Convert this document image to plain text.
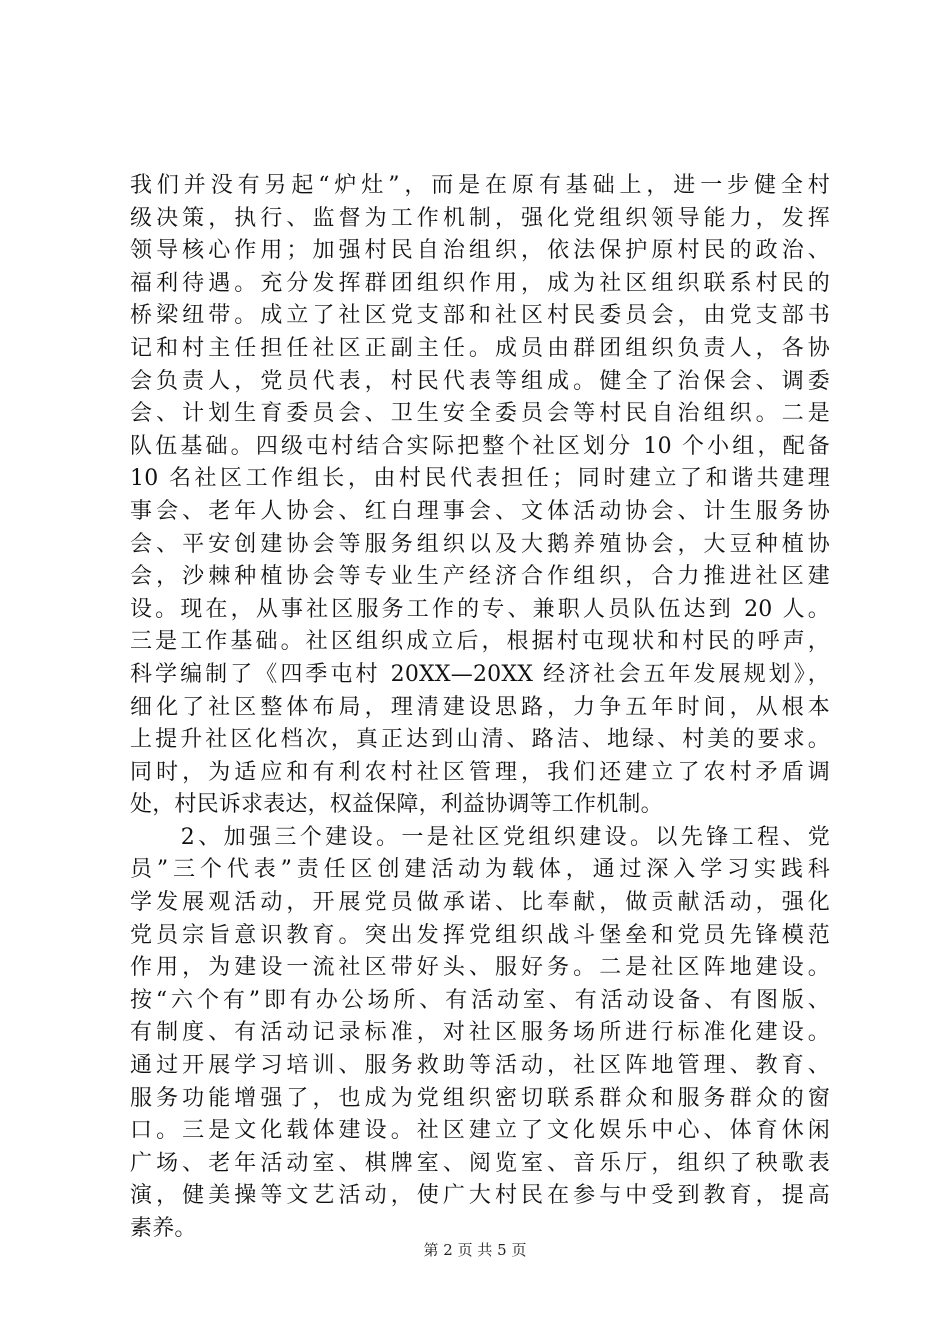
我们并没有另起“炉灶”，而是在原有基础上，进一步健全村
级决策，执行、监督为工作机制，强化党组织领导能力，发挥
领导核心作用；加强村民自治组织，依法保护原村民的政治、
福利待遇。充分发挥群团组织作用，成为社区组织联系村民的
桥梁纽带。成立了社区党支部和社区村民委员会，由党支部书
记和村主任担任社区正副主任。成员由群团组织负责人，各协
会负责人，党员代表，村民代表等组成。健全了治保会、调委
会、计划生育委员会、卫生安全委员会等村民自治组织。二是
队伍基础。四级屯村结合实际把整个社区划分 10 个小组，配备
10 名社区工作组长，由村民代表担任；同时建立了和谐共建理
事会、老年人协会、红白理事会、文体活动协会、计生服务协
会、平安创建协会等服务组织以及大鹅养殖协会，大豆种植协
会，沙棘种植协会等专业生产经济合作组织，合力推进社区建
设。现在，从事社区服务工作的专、兼职人员队伍达到 20 人。
三是工作基础。社区组织成立后，根据村屯现状和村民的呼声，
科学编制了《四季屯村 20XX—20XX 经济社会五年发展规划》，
细化了社区整体布局，理清建设思路，力争五年时间，从根本
上提升社区化档次，真正达到山清、路洁、地绿、村美的要求。
同时，为适应和有利农村社区管理，我们还建立了农村矛盾调
处，村民诉求表达，权益保障，利益协调等工作机制。
　　2、加强三个建设。一是社区党组织建设。以先锋工程、党
员”三个代表”责任区创建活动为载体，通过深入学习实践科
学发展观活动，开展党员做承诺、比奉献，做贡献活动，强化
党员宗旨意识教育。突出发挥党组织战斗堡垒和党员先锋模范
作用，为建设一流社区带好头、服好务。二是社区阵地建设。
按“六个有”即有办公场所、有活动室、有活动设备、有图版、
有制度、有活动记录标准，对社区服务场所进行标准化建设。
通过开展学习培训、服务救助等活动，社区阵地管理、教育、
服务功能增强了，也成为党组织密切联系群众和服务群众的窗
口。三是文化载体建设。社区建立了文化娱乐中心、体育休闲
广场、老年活动室、棋牌室、阅览室、音乐厅，组织了秧歌表
演，健美操等文艺活动，使广大村民在参与中受到教育，提高
素养。
第 2 页 共 5 页
